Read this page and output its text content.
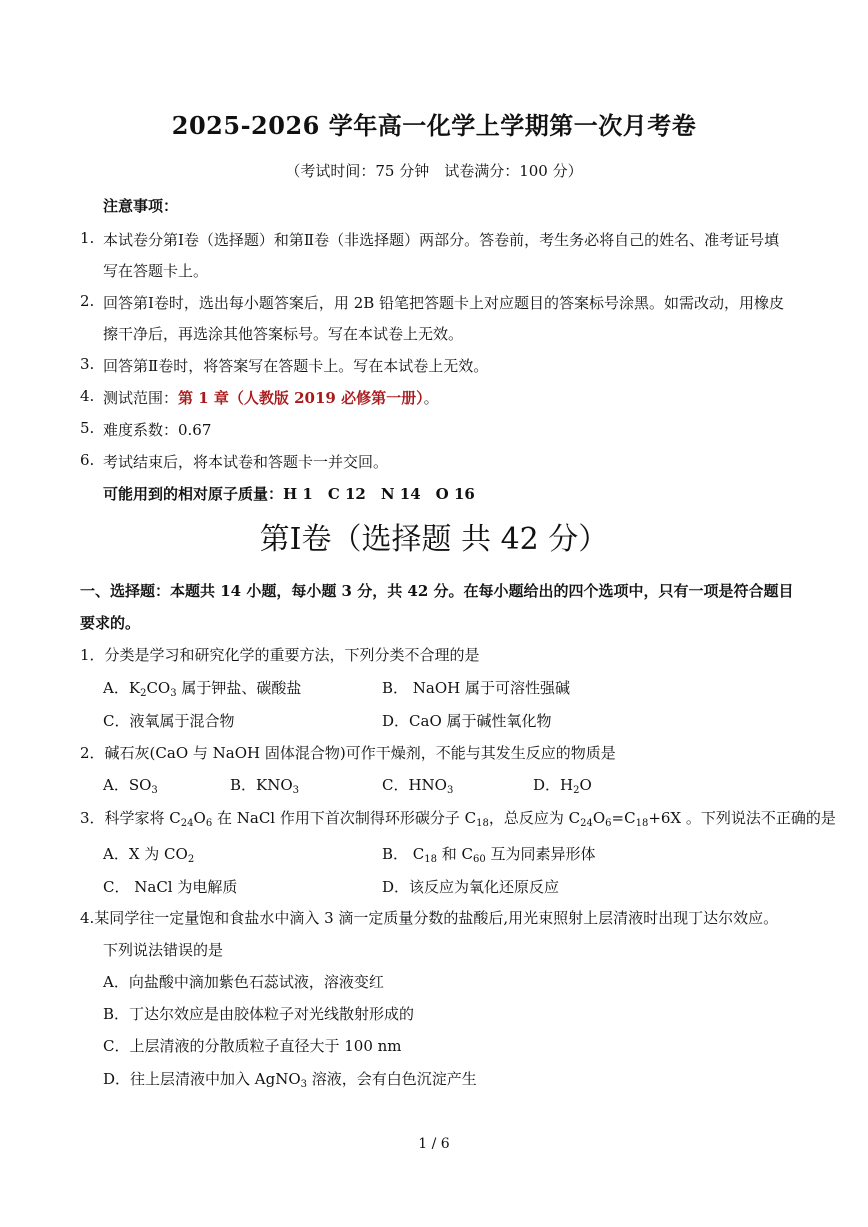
2025-2026 学年高一化学上学期第一次月考卷
（考试时间：75 分钟　试卷满分：100 分）
注意事项：
1. 本试卷分第Ⅰ卷（选择题）和第Ⅱ卷（非选择题）两部分。答卷前，考生务必将自己的姓名、准考证号填
写在答题卡上。
2. 回答第Ⅰ卷时，选出每小题答案后，用 2B 铅笔把答题卡上对应题目的答案标号涂黑。如需改动，用橡皮
擦干净后，再选涂其他答案标号。写在本试卷上无效。
3. 回答第Ⅱ卷时，将答案写在答题卡上。写在本试卷上无效。
4. 测试范围：第 1 章（人教版 2019 必修第一册）。
5. 难度系数：0.67
6. 考试结束后，将本试卷和答题卡一并交回。
可能用到的相对原子质量：H 1　C 12　N 14　O 16
第Ⅰ卷（选择题 共 42 分）
一、选择题：本题共 14 小题，每小题 3 分，共 42 分。在每小题给出的四个选项中，只有一项是符合题目
要求的。
1．分类是学习和研究化学的重要方法，下列分类不合理的是
A．$K_2CO_3$ 属于钾盐、碳酸盐	B． NaOH 属于可溶性强碱
C．液氧属于混合物	D．CaO 属于碱性氧化物
2．碱石灰(CaO 与 NaOH 固体混合物)可作干燥剂，不能与其发生反应的物质是
A．$SO_3$	B．$KNO_3$	C．$HNO_3$	D．$H_2O$
3．科学家将 $C_{24}O_6$ 在 NaCl 作用下首次制得环形碳分子 $C_{18}$，总反应为 $C_{24}O_6=C_{18}+6X$ 。下列说法不正确的是
A．X 为 $CO_2$	B． $C_{18}$ 和 $C_{60}$ 互为同素异形体
C． NaCl 为电解质	D．该反应为氧化还原反应
4.某同学往一定量饱和食盐水中滴入 3 滴一定质量分数的盐酸后,用光束照射上层清液时出现丁达尔效应。
下列说法错误的是
A．向盐酸中滴加紫色石蕊试液，溶液变红
B．丁达尔效应是由胶体粒子对光线散射形成的
C．上层清液的分散质粒子直径大于 100 nm
D．往上层清液中加入 AgNO$_3$ 溶液，会有白色沉淀产生
1 / 6
